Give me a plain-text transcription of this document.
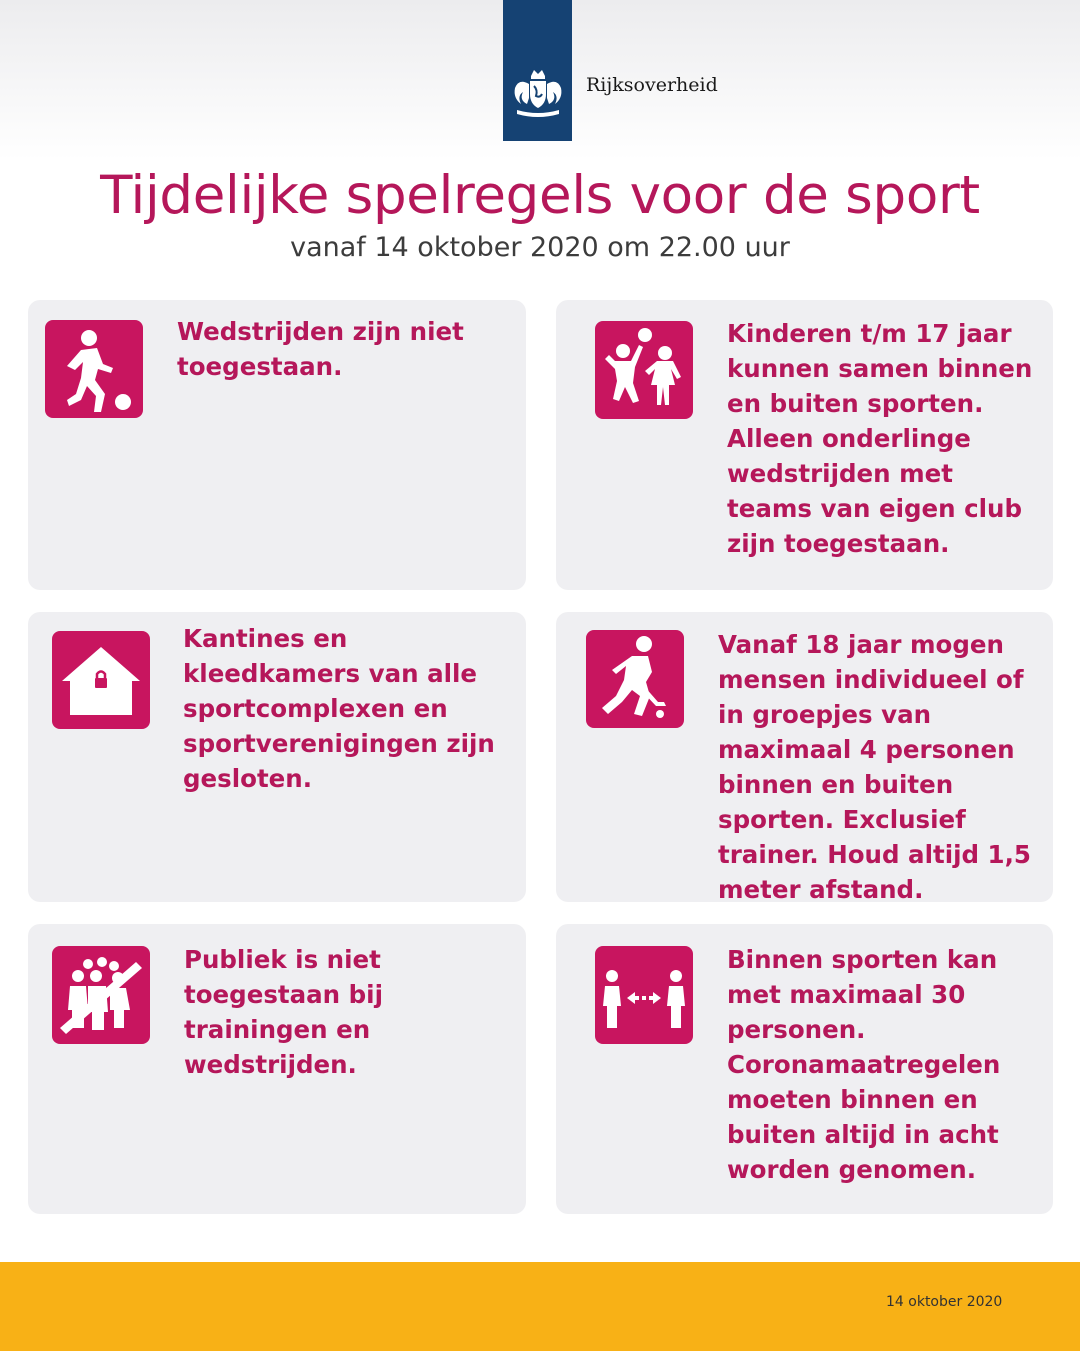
Rijksoverheid
Tijdelijke spelregels voor de sport
vanaf 14 oktober 2020 om 22.00 uur
Wedstrijden zijn niet toegestaan.
Kinderen t/m 17 jaar kunnen samen binnen en buiten sporten. Alleen onderlinge wedstrijden met teams van eigen club zijn toegestaan.
Kantines en kleedkamers van alle sportcomplexen en sportverenigingen zijn gesloten.
Vanaf 18 jaar mogen mensen individueel of in groepjes van maximaal 4 personen binnen en buiten sporten. Exclusief trainer. Houd altijd 1,5 meter afstand.
Publiek is niet toegestaan bij trainingen en wedstrijden.
Binnen sporten kan met maximaal 30 personen.
Coronamaatregelen moeten binnen en buiten altijd in acht worden genomen.
14 oktober 2020
